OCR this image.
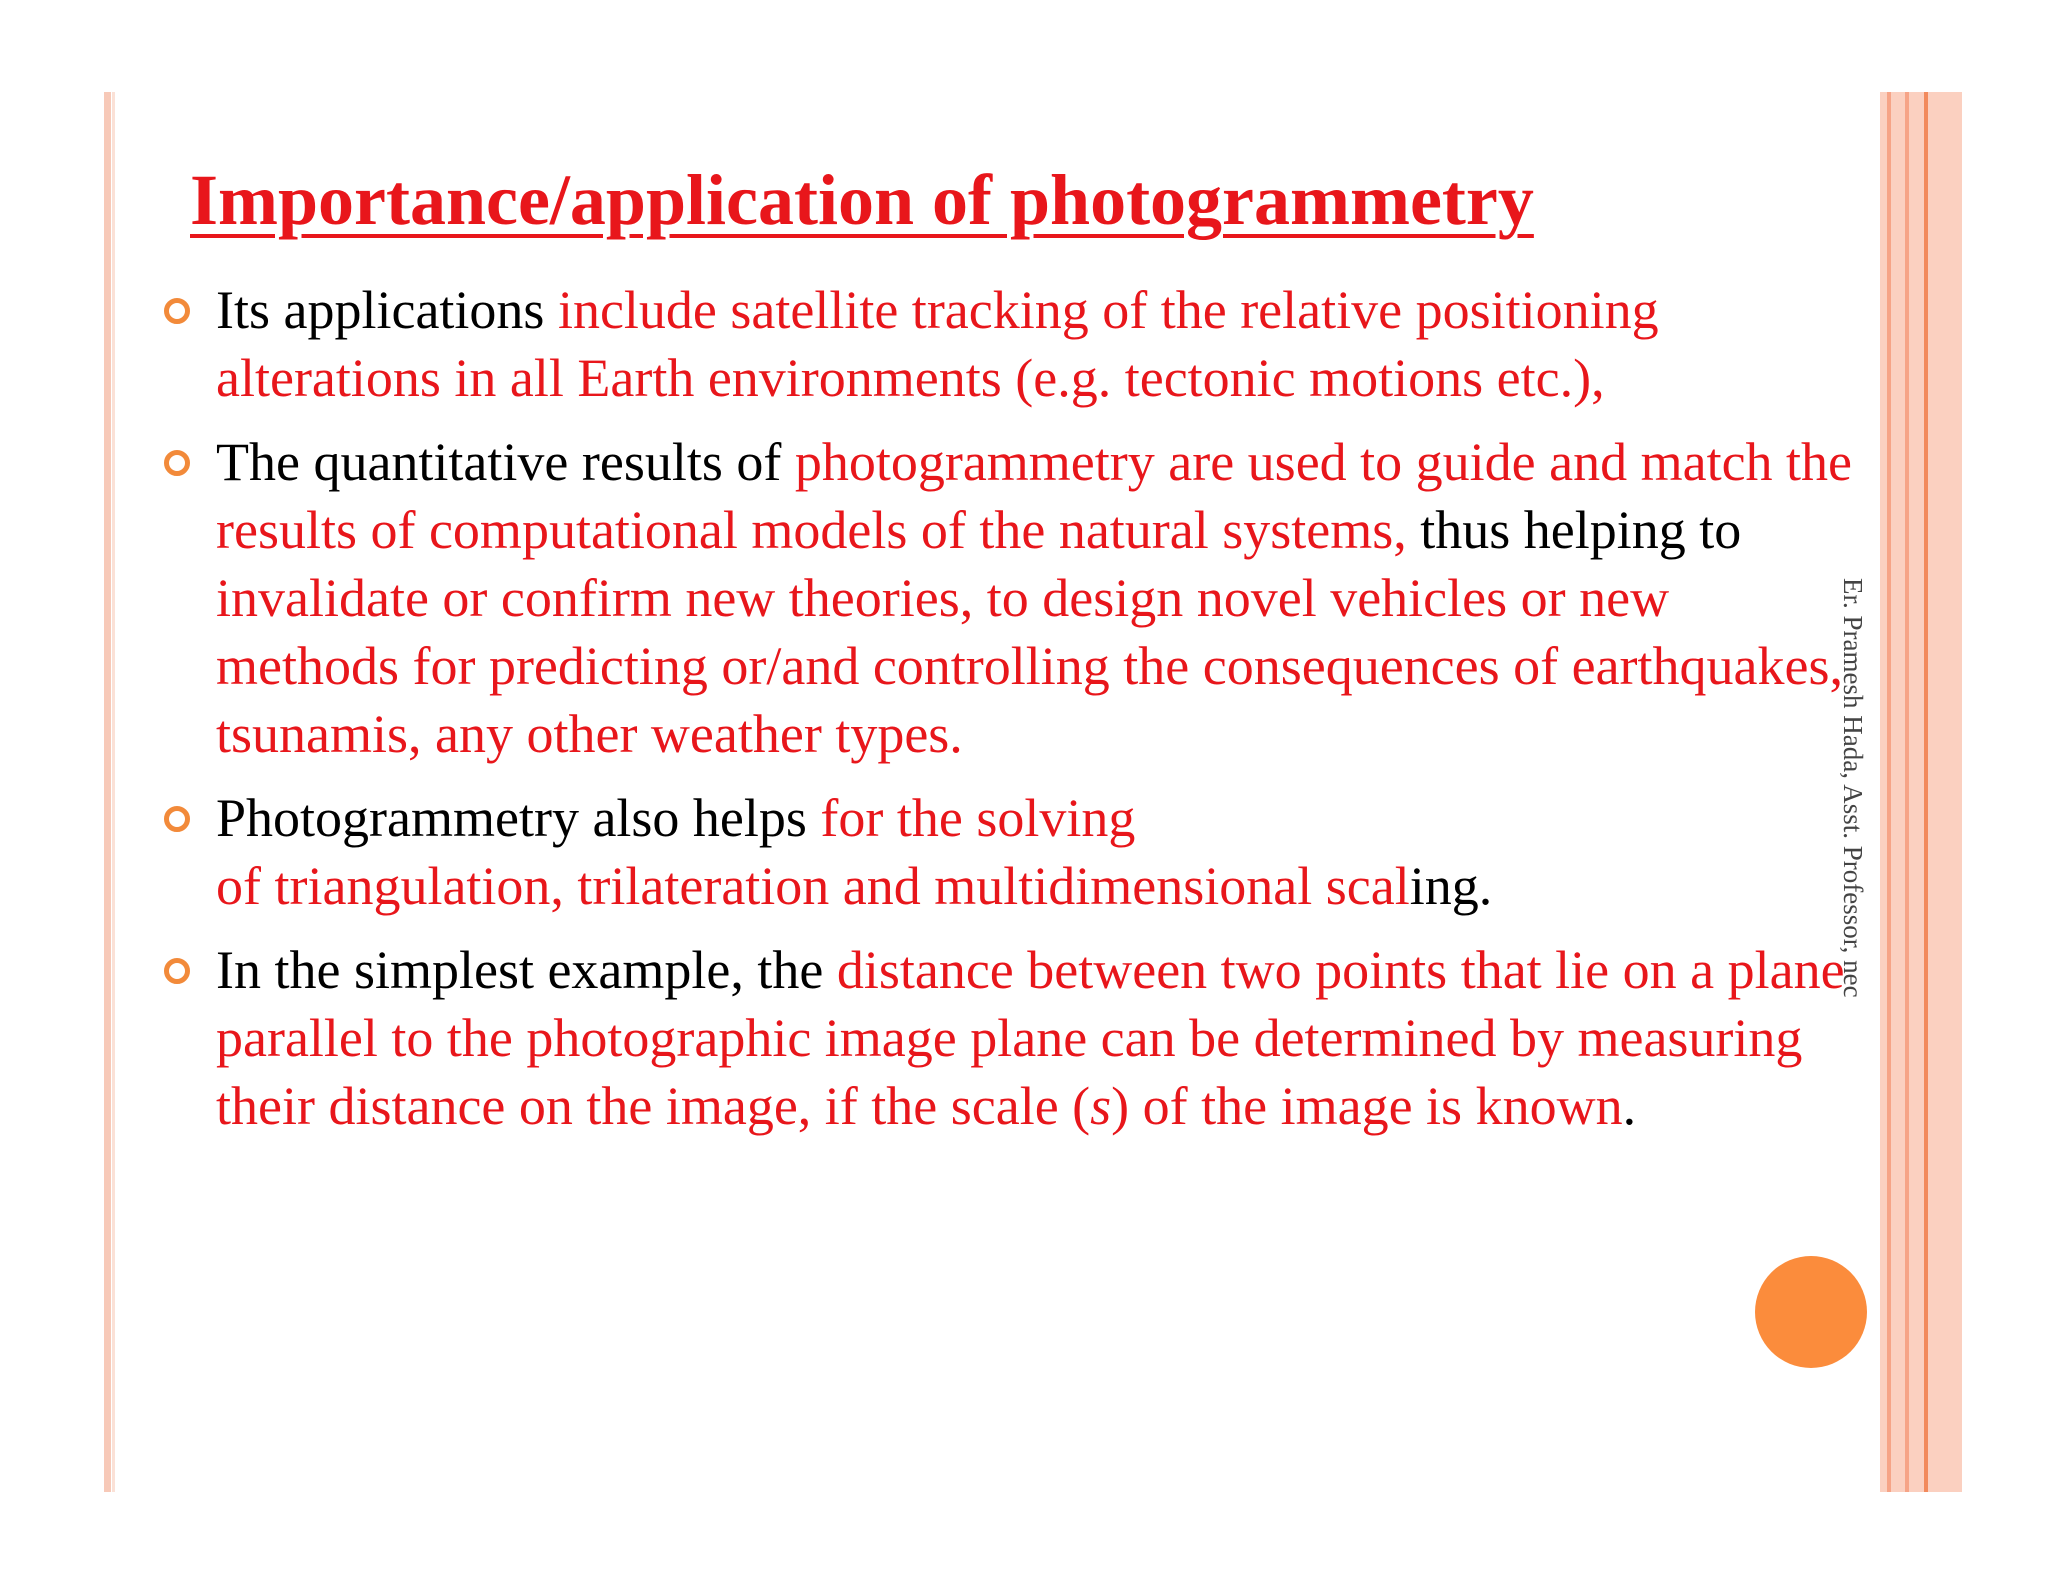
Importance/application of photogrammetry
Its applications include satellite tracking of the relative positioning alterations in all Earth environments (e.g. tectonic motions etc.),
The quantitative results of photogrammetry are used to guide and match the results of computational models of the natural systems, thus helping to invalidate or confirm new theories, to design novel vehicles or new methods for predicting or/and controlling the consequences of earthquakes, tsunamis, any other weather types.
Photogrammetry also helps for the solving
of triangulation, trilateration and multidimensional scaling.
In the simplest example, the distance between two points that lie on a plane parallel to the photographic image plane can be determined by measuring their distance on the image, if the scale (s) of the image is known.
Er. Pramesh Hada, Asst. Professor, nec
